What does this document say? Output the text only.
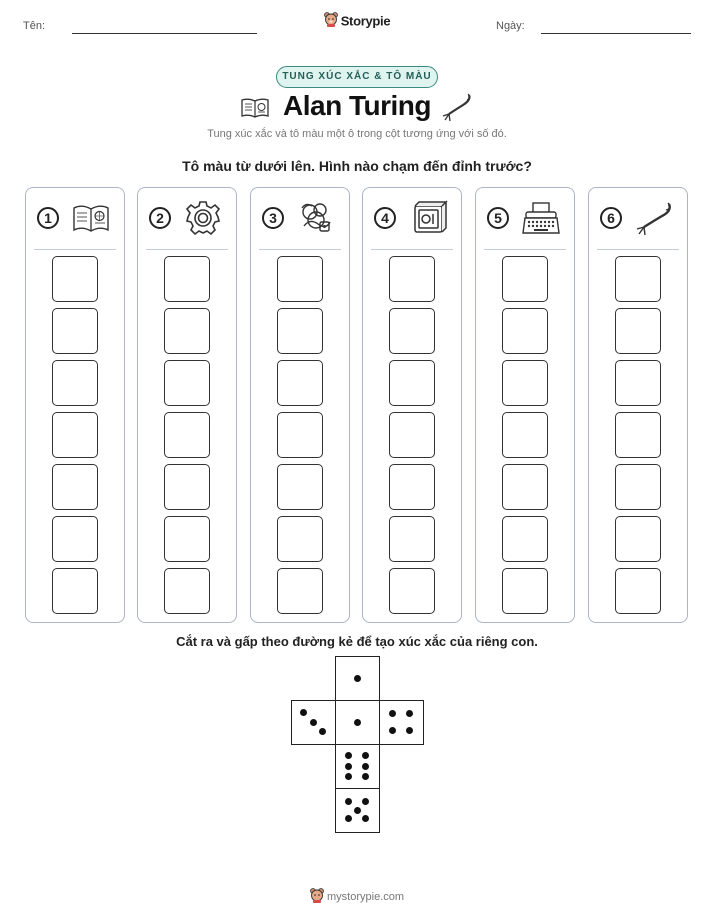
Tên:	Storypie	Ngày:
TUNG XÚC XẮC & TÔ MÀU
Alan Turing
Tung xúc xắc và tô màu một ô trong cột tương ứng với số đó.
Tô màu từ dưới lên. Hình nào chạm đến đỉnh trước?
1	2	3	4	5	6
Cắt ra và gấp theo đường kẻ để tạo xúc xắc của riêng con.
mystorypie.com
